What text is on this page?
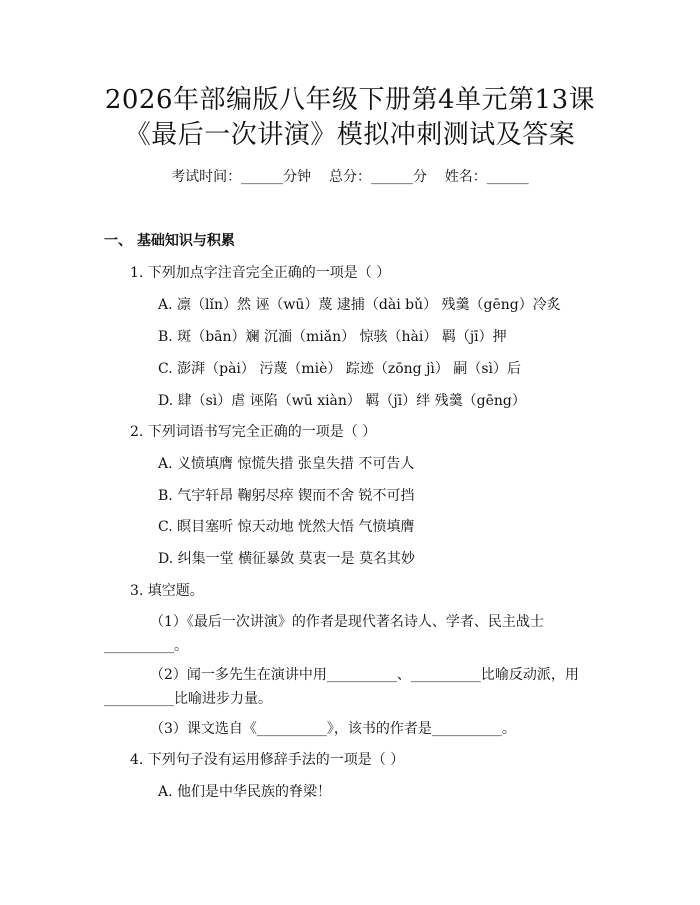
2026年部编版八年级下册第4单元第13课
《最后一次讲演》模拟冲刺测试及答案
考试时间：______分钟    总分：______分    姓名：______
一、 基础知识与积累
1. 下列加点字注音完全正确的一项是（ ）
A. 凛（lǐn）然 诬（wū）蔑 逮捕（dài bǔ） 残羹（gēng）冷炙
B. 斑（bān）斓 沉湎（miǎn） 惊骇（hài） 羁（jī）押
C. 澎湃（pài） 污蔑（miè） 踪迹（zōng jì） 嗣（sì）后
D. 肆（sì）虐 诬陷（wū xiàn） 羁（jī）绊 残羹（gēng）
2. 下列词语书写完全正确的一项是（ ）
A. 义愤填膺 惊慌失措 张皇失措 不可告人
B. 气宇轩昂 鞠躬尽瘁 锲而不舍 锐不可挡
C. 瞑目塞听 惊天动地 恍然大悟 气愤填膺
D. 纠集一堂 横征暴敛 莫衷一是 莫名其妙
3. 填空题。
（1）《最后一次讲演》的作者是现代著名诗人、学者、民主战士
__________。
（2）闻一多先生在演讲中用__________、__________比喻反动派，用
__________比喻进步力量。
（3）课文选自《__________》，该书的作者是__________。
4. 下列句子没有运用修辞手法的一项是（ ）
A. 他们是中华民族的脊梁！
